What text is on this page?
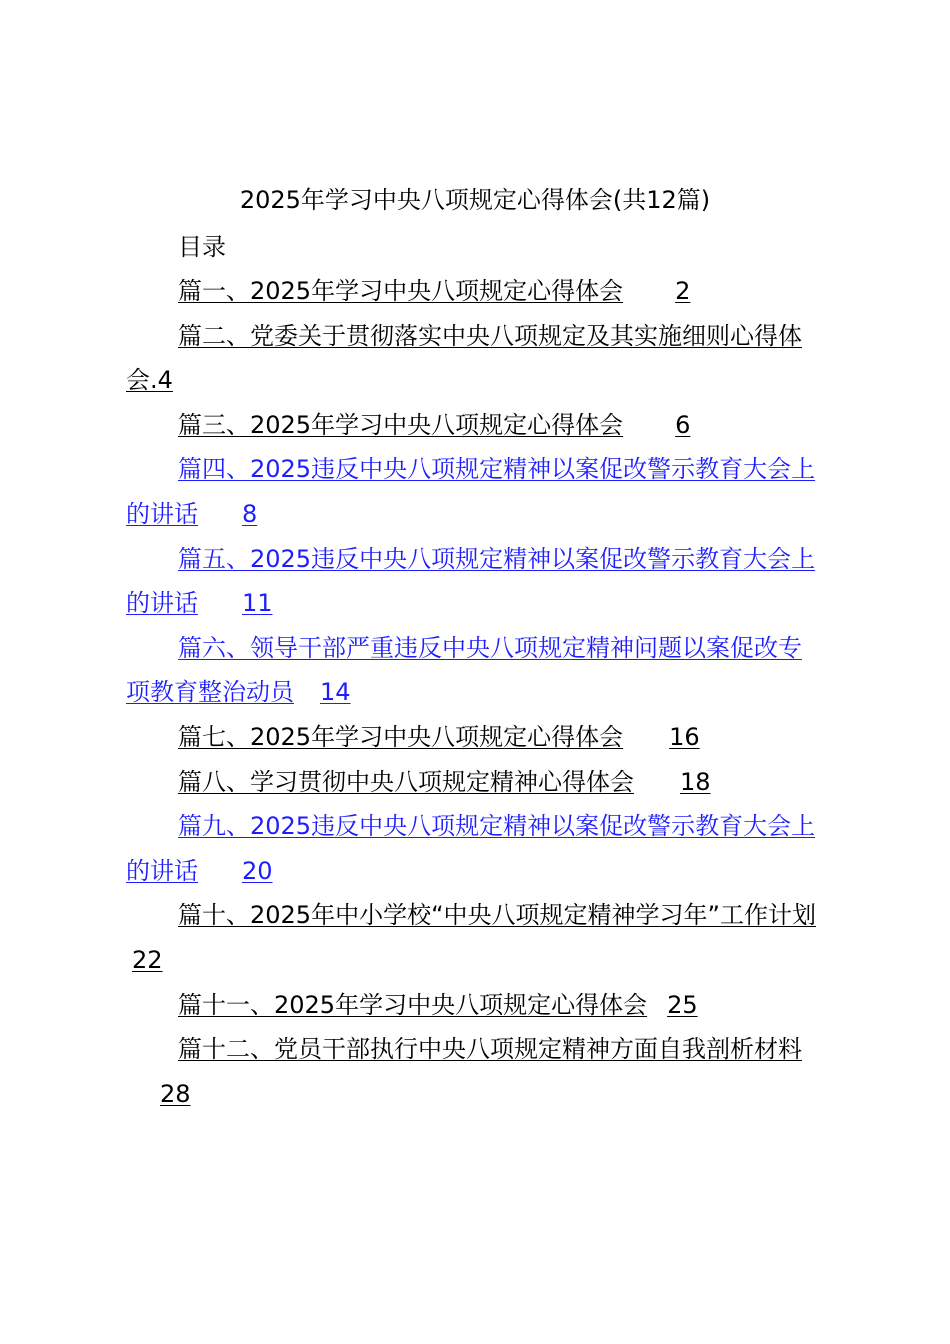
2025年学习中央八项规定心得体会(共12篇)
目录
篇一、2025年学习中央八项规定心得体会 2
篇二、党委关于贯彻落实中央八项规定及其实施细则心得体会.4
篇三、2025年学习中央八项规定心得体会 6
篇四、2025违反中央八项规定精神以案促改警示教育大会上的讲话 8
篇五、2025违反中央八项规定精神以案促改警示教育大会上的讲话 11
篇六、领导干部严重违反中央八项规定精神问题以案促改专项教育整治动员 14
篇七、2025年学习中央八项规定心得体会 16
篇八、学习贯彻中央八项规定精神心得体会 18
篇九、2025违反中央八项规定精神以案促改警示教育大会上的讲话 20
篇十、2025年中小学校“中央八项规定精神学习年”工作计划22
篇十一、2025年学习中央八项规定心得体会 25
篇十二、党员干部执行中央八项规定精神方面自我剖析材料28
